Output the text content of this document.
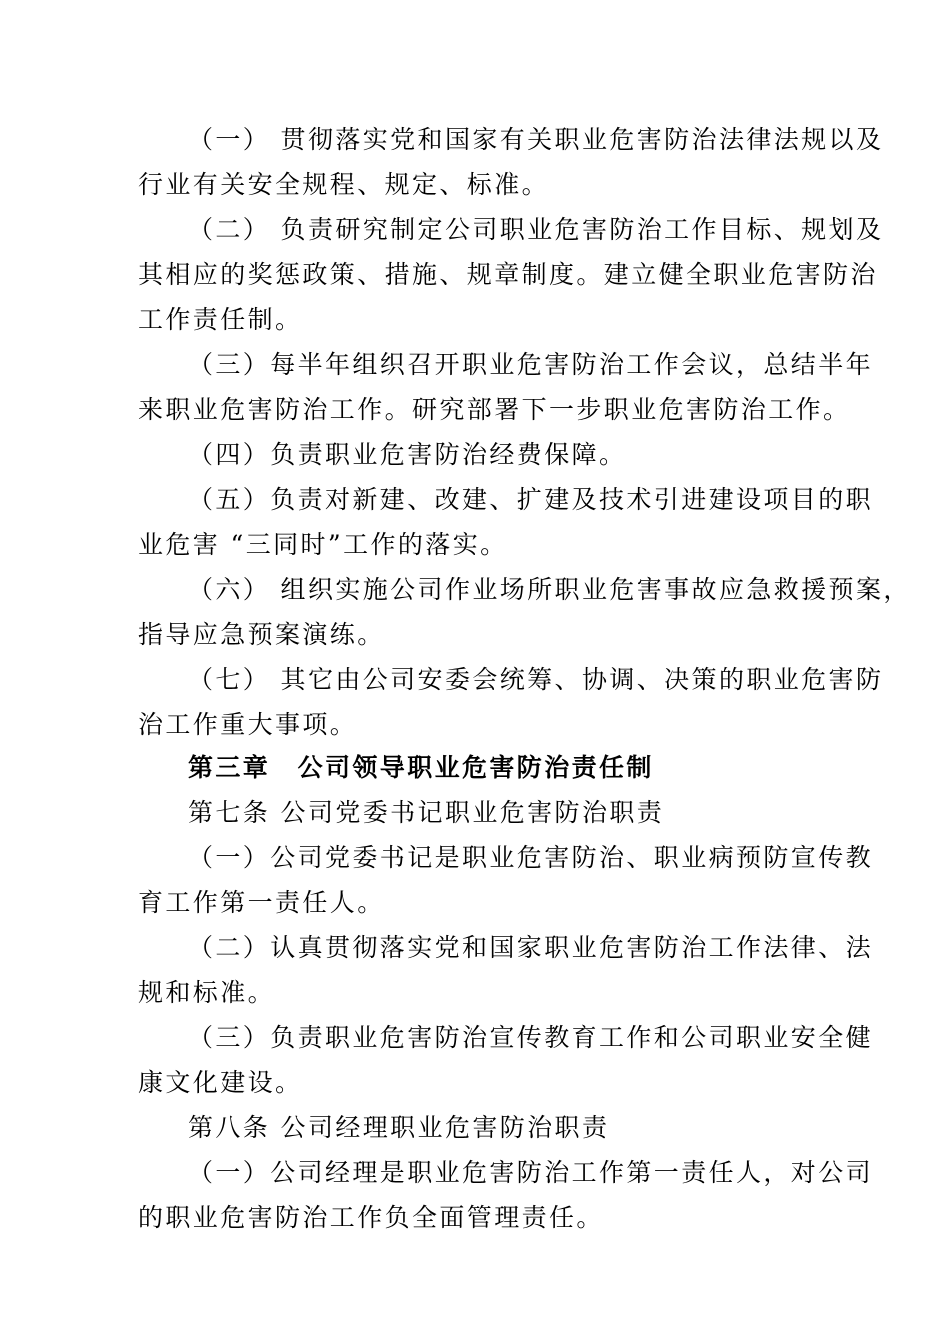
（一） 贯彻落实党和国家有关职业危害防治法律法规以及
行业有关安全规程、规定、标准。
（二） 负责研究制定公司职业危害防治工作目标、规划及
其相应的奖惩政策、措施、规章制度。建立健全职业危害防治
工作责任制。
（三）每半年组织召开职业危害防治工作会议，总结半年
来职业危害防治工作。研究部署下一步职业危害防治工作。
（四）负责职业危害防治经费保障。
（五）负责对新建、改建、扩建及技术引进建设项目的职
业危害 “三同时”工作的落实。
（六） 组织实施公司作业场所职业危害事故应急救援预案，
指导应急预案演练。
（七） 其它由公司安委会统筹、协调、决策的职业危害防
治工作重大事项。
第三章　公司领导职业危害防治责任制
第七条 公司党委书记职业危害防治职责
（一）公司党委书记是职业危害防治、职业病预防宣传教
育工作第一责任人。
（二）认真贯彻落实党和国家职业危害防治工作法律、法
规和标准。
（三）负责职业危害防治宣传教育工作和公司职业安全健
康文化建设。
第八条 公司经理职业危害防治职责
（一）公司经理是职业危害防治工作第一责任人，对公司
的职业危害防治工作负全面管理责任。
